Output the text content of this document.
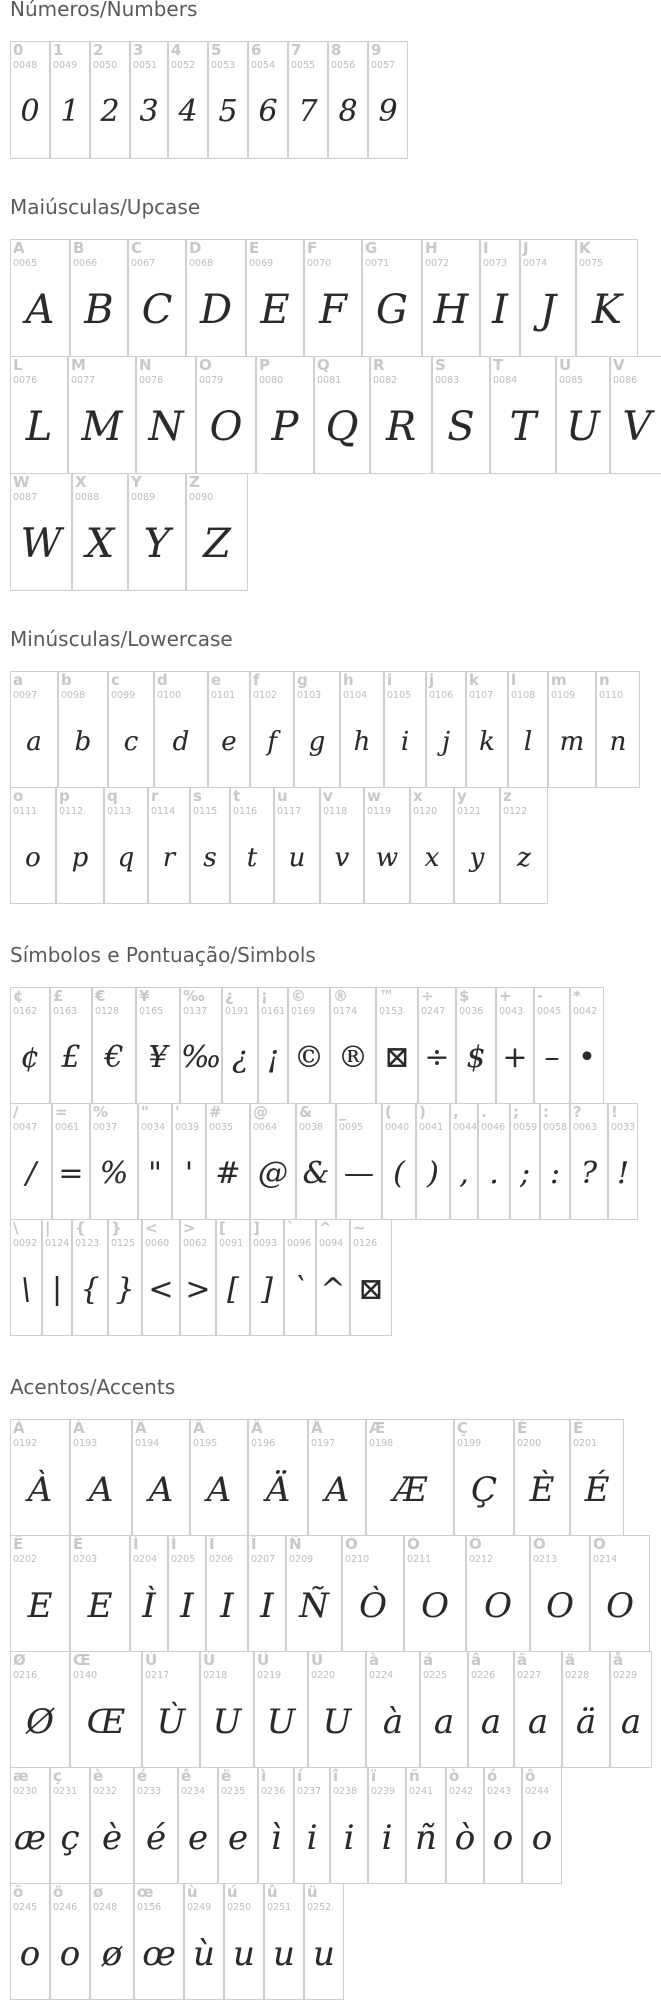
Números/Numbers
Maiúsculas/Upcase
Minúsculas/Lowercase
Símbolos e Pontuação/Simbols
Acentos/Accents
0
0048
0
1
0049
1
2
0050
2
3
0051
3
4
0052
4
5
0053
5
6
0054
6
7
0055
7
8
0056
8
9
0057
9
A
0065
A
B
0066
B
C
0067
C
D
0068
D
E
0069
E
F
0070
F
G
0071
G
H
0072
H
I
0073
I
J
0074
J
K
0075
K
L
0076
L
M
0077
M
N
0078
N
O
0079
O
P
0080
P
Q
0081
Q
R
0082
R
S
0083
S
T
0084
T
U
0085
U
V
0086
V
W
0087
W
X
0088
X
Y
0089
Y
Z
0090
Z
a
0097
a
b
0098
b
c
0099
c
d
0100
d
e
0101
e
f
0102
f
g
0103
g
h
0104
h
i
0105
i
j
0106
j
k
0107
k
l
0108
l
m
0109
m
n
0110
n
o
0111
o
p
0112
p
q
0113
q
r
0114
r
s
0115
s
t
0116
t
u
0117
u
v
0118
v
w
0119
w
x
0120
x
y
0121
y
z
0122
z
¢
0162
¢
£
0163
£
€
0128
€
¥
0165
¥
‰
0137
‰
¿
0191
¿
¡
0161
¡
©
0169
©
®
0174
®
™
0153
⊠
÷
0247
÷
$
0036
$
+
0043
+
-
0045
–
*
0042
•
/
0047
/
=
0061
=
%
0037
%
"
0034
"
'
0039
'
#
0035
#
@
0064
@
&
0038
&
_
0095
—
(
0040
(
)
0041
)
,
0044
,
.
0046
.
;
0059
;
:
0058
:
?
0063
?
!
0033
!
\
0092
\
|
0124
|
{
0123
{
}
0125
}
<
0060
<
>
0062
>
[
0091
[
]
0093
]
`
0096
`
^
0094
^
~
0126
⊠
À
0192
À
Á
0193
A
Â
0194
A
Ã
0195
A
Ä
0196
Ä
Å
0197
A
Æ
0198
Æ
Ç
0199
Ç
È
0200
È
É
0201
É
Ê
0202
E
Ë
0203
E
Ì
0204
Ì
Í
0205
I
Î
0206
I
Ï
0207
I
Ñ
0209
Ñ
Ò
0210
Ò
Ó
0211
O
Ô
0212
O
Õ
0213
O
Ö
0214
O
Ø
0216
Ø
Œ
0140
Œ
Ù
0217
Ù
Ú
0218
U
Û
0219
U
Ü
0220
U
à
0224
à
á
0225
a
â
0226
a
ã
0227
a
ä
0228
ä
å
0229
a
æ
0230
æ
ç
0231
ç
è
0232
è
é
0233
é
ê
0234
e
ë
0235
e
ì
0236
ì
í
0237
i
î
0238
i
ï
0239
i
ñ
0241
ñ
ò
0242
ò
ó
0243
o
ô
0244
o
õ
0245
o
ö
0246
o
ø
0248
ø
œ
0156
œ
ù
0249
ù
ú
0250
u
û
0251
u
ü
0252
u
